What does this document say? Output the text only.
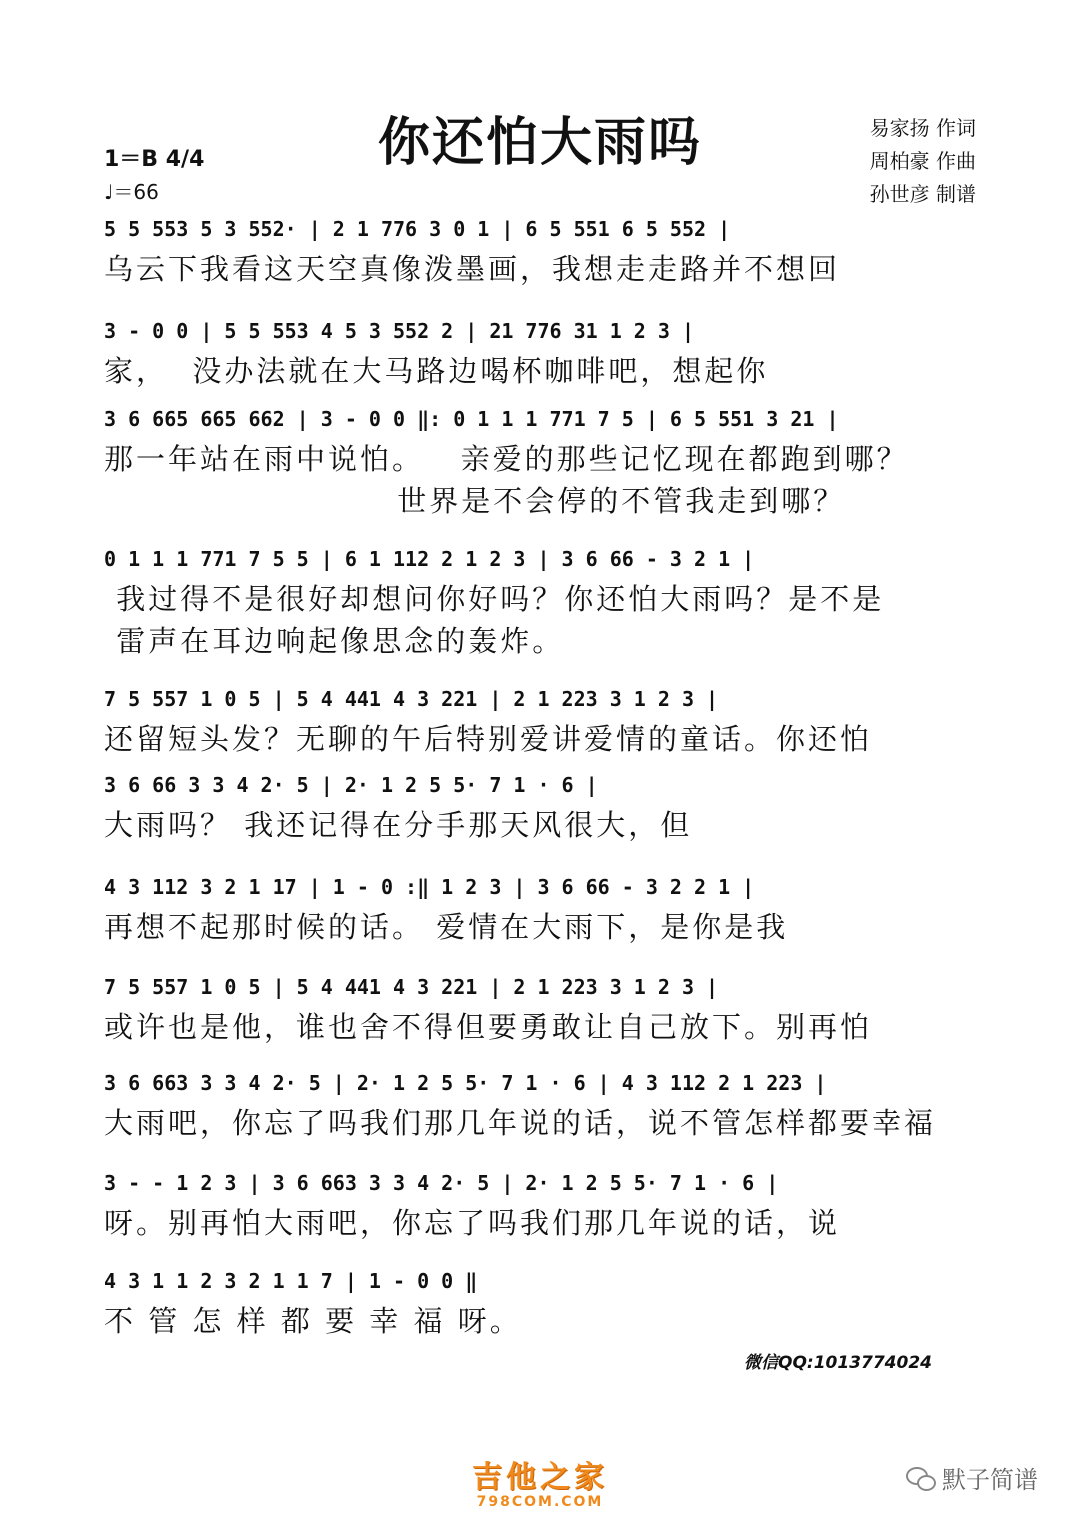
你还怕大雨吗	易家扬 作词
周柏豪 作曲
孙世彦 制谱
1＝B 4/4
♩＝66
5 5 553 5 3 552· | 2 1 776 3 0 1 | 6 5 551 6 5 552 |
乌云下我看这天空真像泼墨画，我想走走路并不想回
3 - 0 0 | 5 5 553 4 5 3 552 2 | 21 776 31 1 2 3 |
家，  没办法就在大马路边喝杯咖啡吧，想起你
3 6 665 665 662 | 3 - 0 0 ‖: 0 1 1 1 771 7 5 | 6 5 551 3 21 |
那一年站在雨中说怕。   亲爱的那些记忆现在都跑到哪？
世界是不会停的不管我走到哪？
0 1 1 1 771 7 5 5 | 6 1 112 2 1 2 3 | 3 6 66 - 3 2 1 |
我过得不是很好却想问你好吗？你还怕大雨吗？是不是
雷声在耳边响起像思念的轰炸。
7 5 557 1 0 5 | 5 4 441 4 3 221 | 2 1 223 3 1 2 3 |
还留短头发？无聊的午后特别爱讲爱情的童话。你还怕
3 6 66 3 3 4 2· 5 | 2· 1 2 5 5· 7 1 · 6 |
大雨吗？ 我还记得在分手那天风很大，但
4 3 112 3 2 1 17 | 1 - 0 :‖ 1 2 3 | 3 6 66 - 3 2 2 1 |
再想不起那时候的话。 爱情在大雨下，是你是我
7 5 557 1 0 5 | 5 4 441 4 3 221 | 2 1 223 3 1 2 3 |
或许也是他，谁也舍不得但要勇敢让自己放下。别再怕
3 6 663 3 3 4 2· 5 | 2· 1 2 5 5· 7 1 · 6 | 4 3 112 2 1 223 |
大雨吧，你忘了吗我们那几年说的话，说不管怎样都要幸福
3 - - 1 2 3 | 3 6 663 3 3 4 2· 5 | 2· 1 2 5 5· 7 1 · 6 |
呀。别再怕大雨吧，你忘了吗我们那几年说的话，说
4 3 1 1 2 3 2 1 1 7 | 1 - 0 0 ‖
不 管 怎 样 都 要 幸 福 呀。
微信QQ:1013774024
吉他之家
798COM.COM
默子简谱
